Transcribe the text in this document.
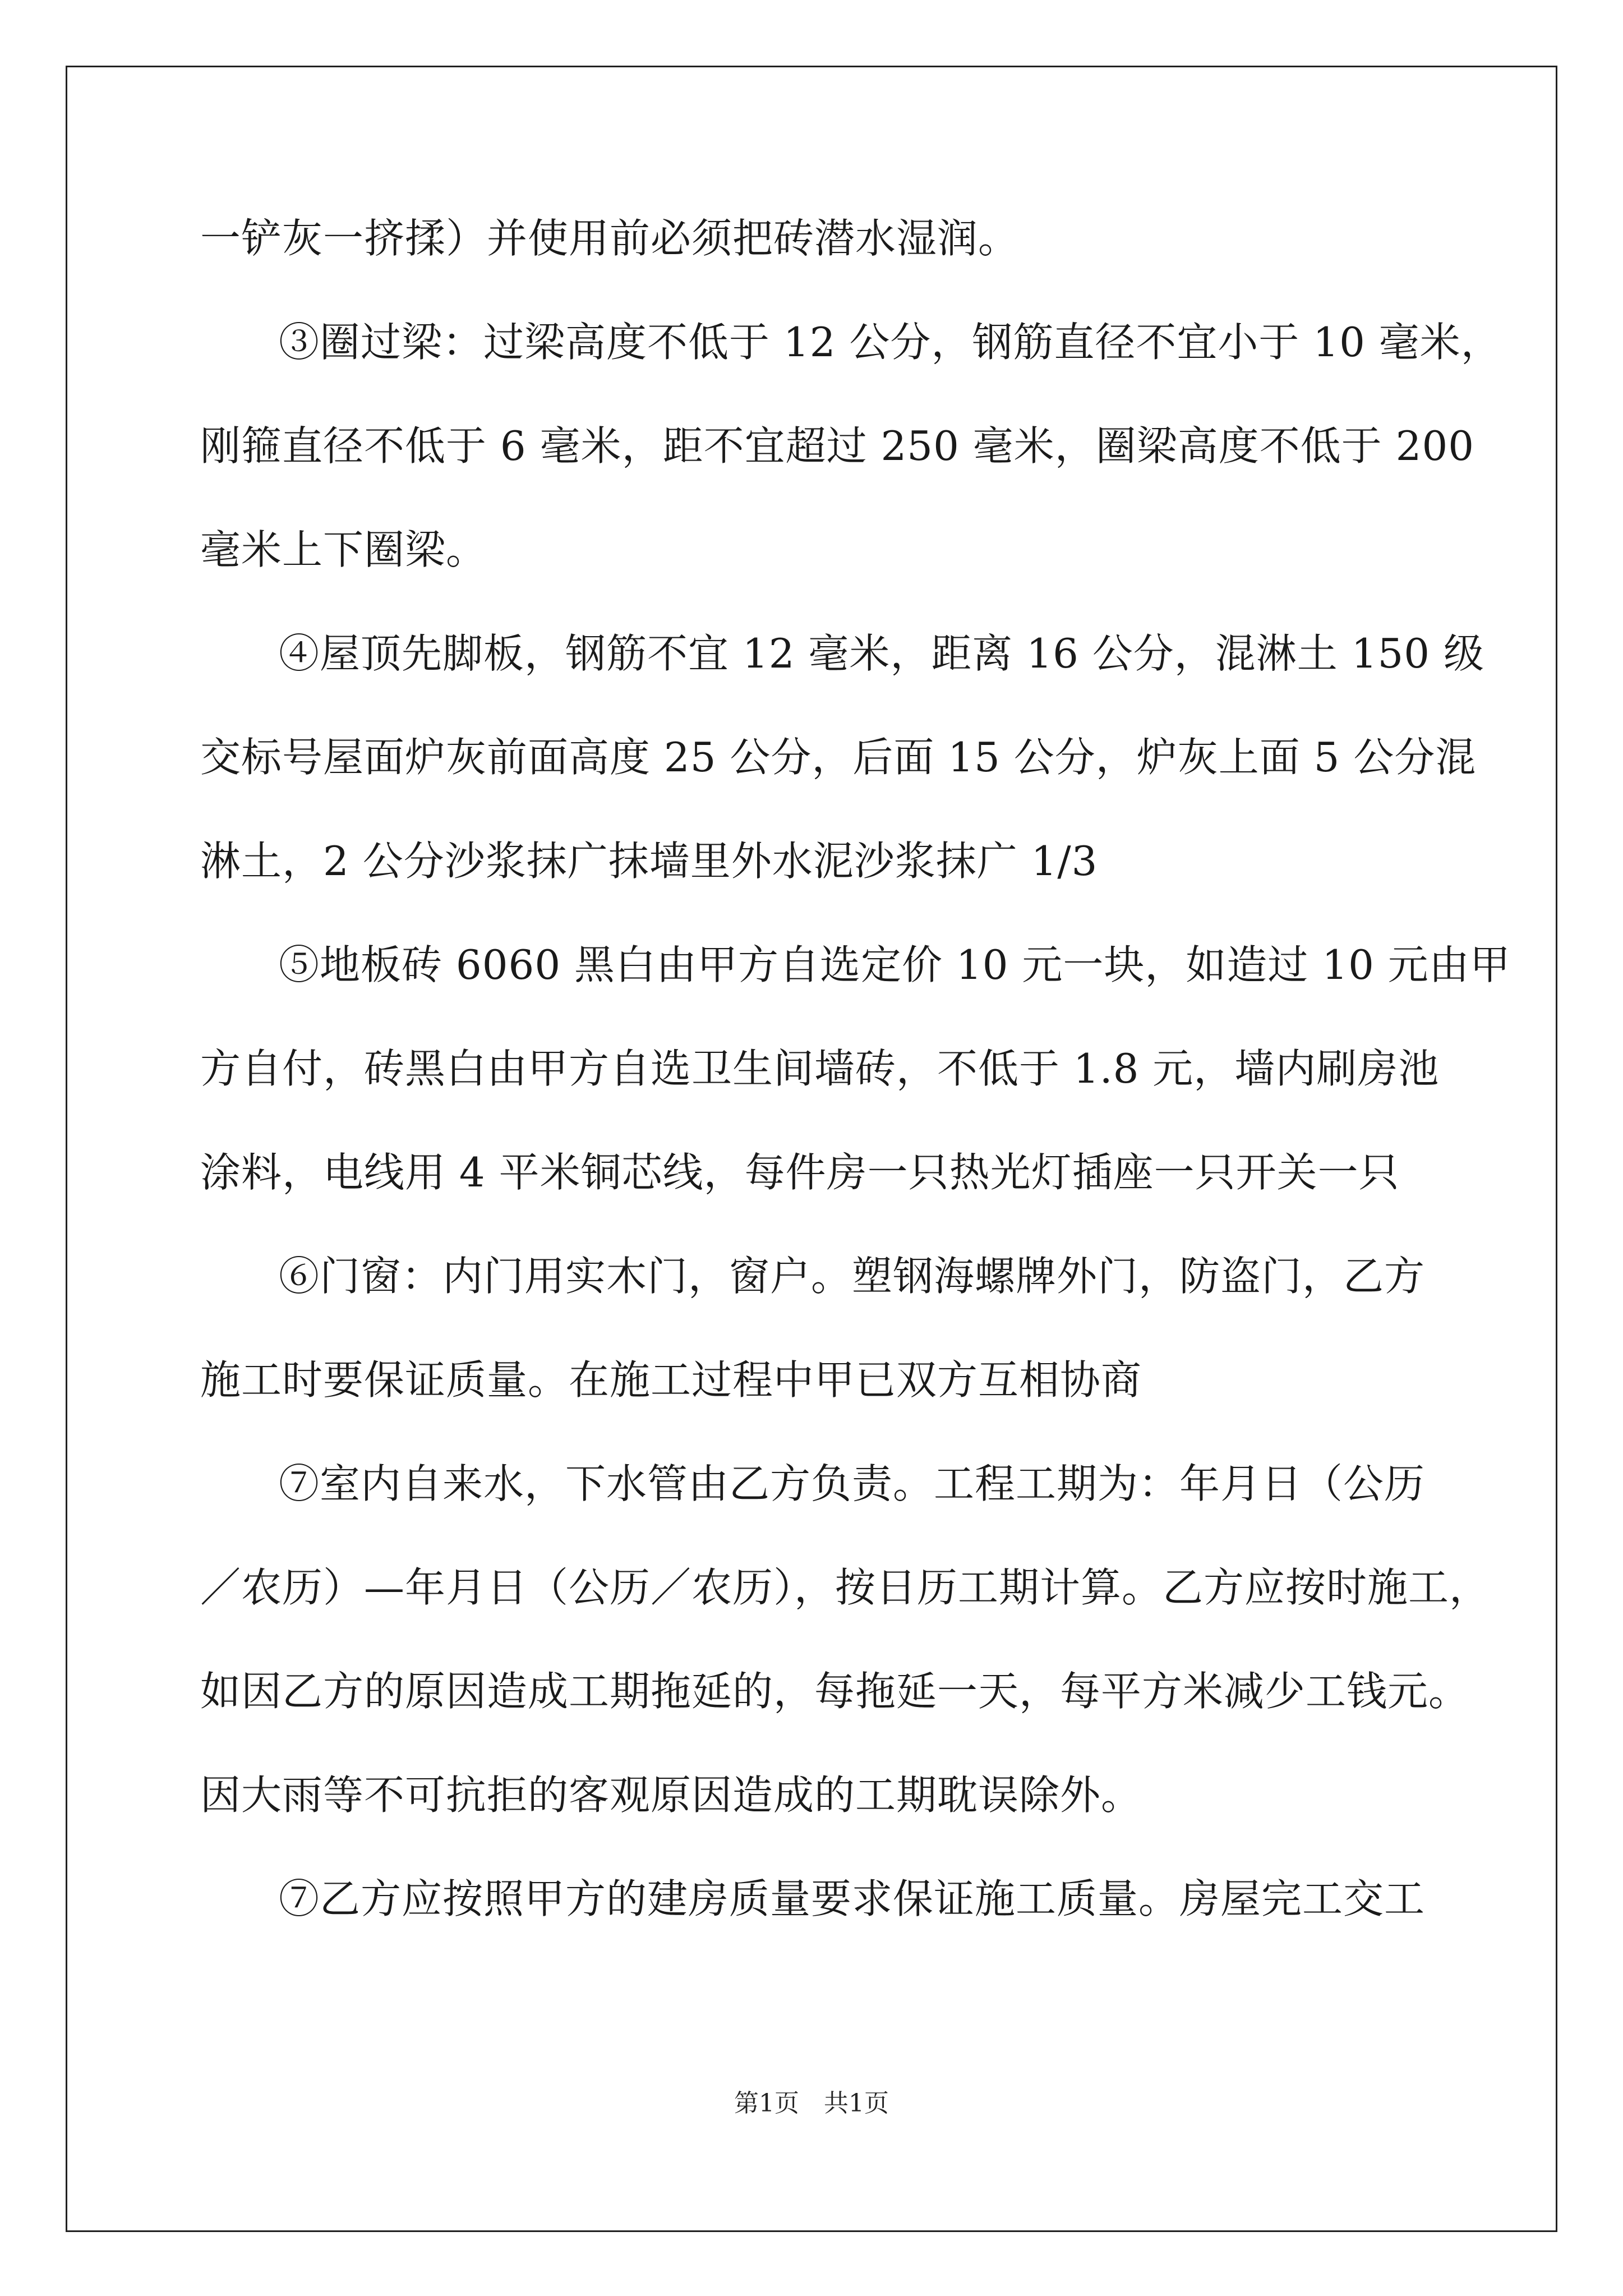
一铲灰一挤揉）并使用前必须把砖潜水湿润。
③圈过梁：过梁高度不低于 12 公分，钢筋直径不宜小于 10 毫米，
刚箍直径不低于 6 毫米，距不宜超过 250 毫米，圈梁高度不低于 200
毫米上下圈梁。
④屋顶先脚板，钢筋不宜 12 毫米，距离 16 公分，混淋土 150 级
交标号屋面炉灰前面高度 25 公分，后面 15 公分，炉灰上面 5 公分混
淋土，2 公分沙浆抹广抹墙里外水泥沙浆抹广 1/3
⑤地板砖 6060 黑白由甲方自选定价 10 元一块，如造过 10 元由甲
方自付，砖黑白由甲方自选卫生间墙砖，不低于 1.8 元，墙内刷房池
涂料，电线用 4 平米铜芯线，每件房一只热光灯插座一只开关一只
⑥门窗：内门用实木门，窗户。塑钢海螺牌外门，防盗门，乙方
施工时要保证质量。在施工过程中甲已双方互相协商
⑦室内自来水，下水管由乙方负责。工程工期为：年月日（公历
／农历）—年月日（公历／农历），按日历工期计算。乙方应按时施工，
如因乙方的原因造成工期拖延的，每拖延一天，每平方米减少工钱元。
因大雨等不可抗拒的客观原因造成的工期耽误除外。
⑦乙方应按照甲方的建房质量要求保证施工质量。房屋完工交工
第1页　共1页
